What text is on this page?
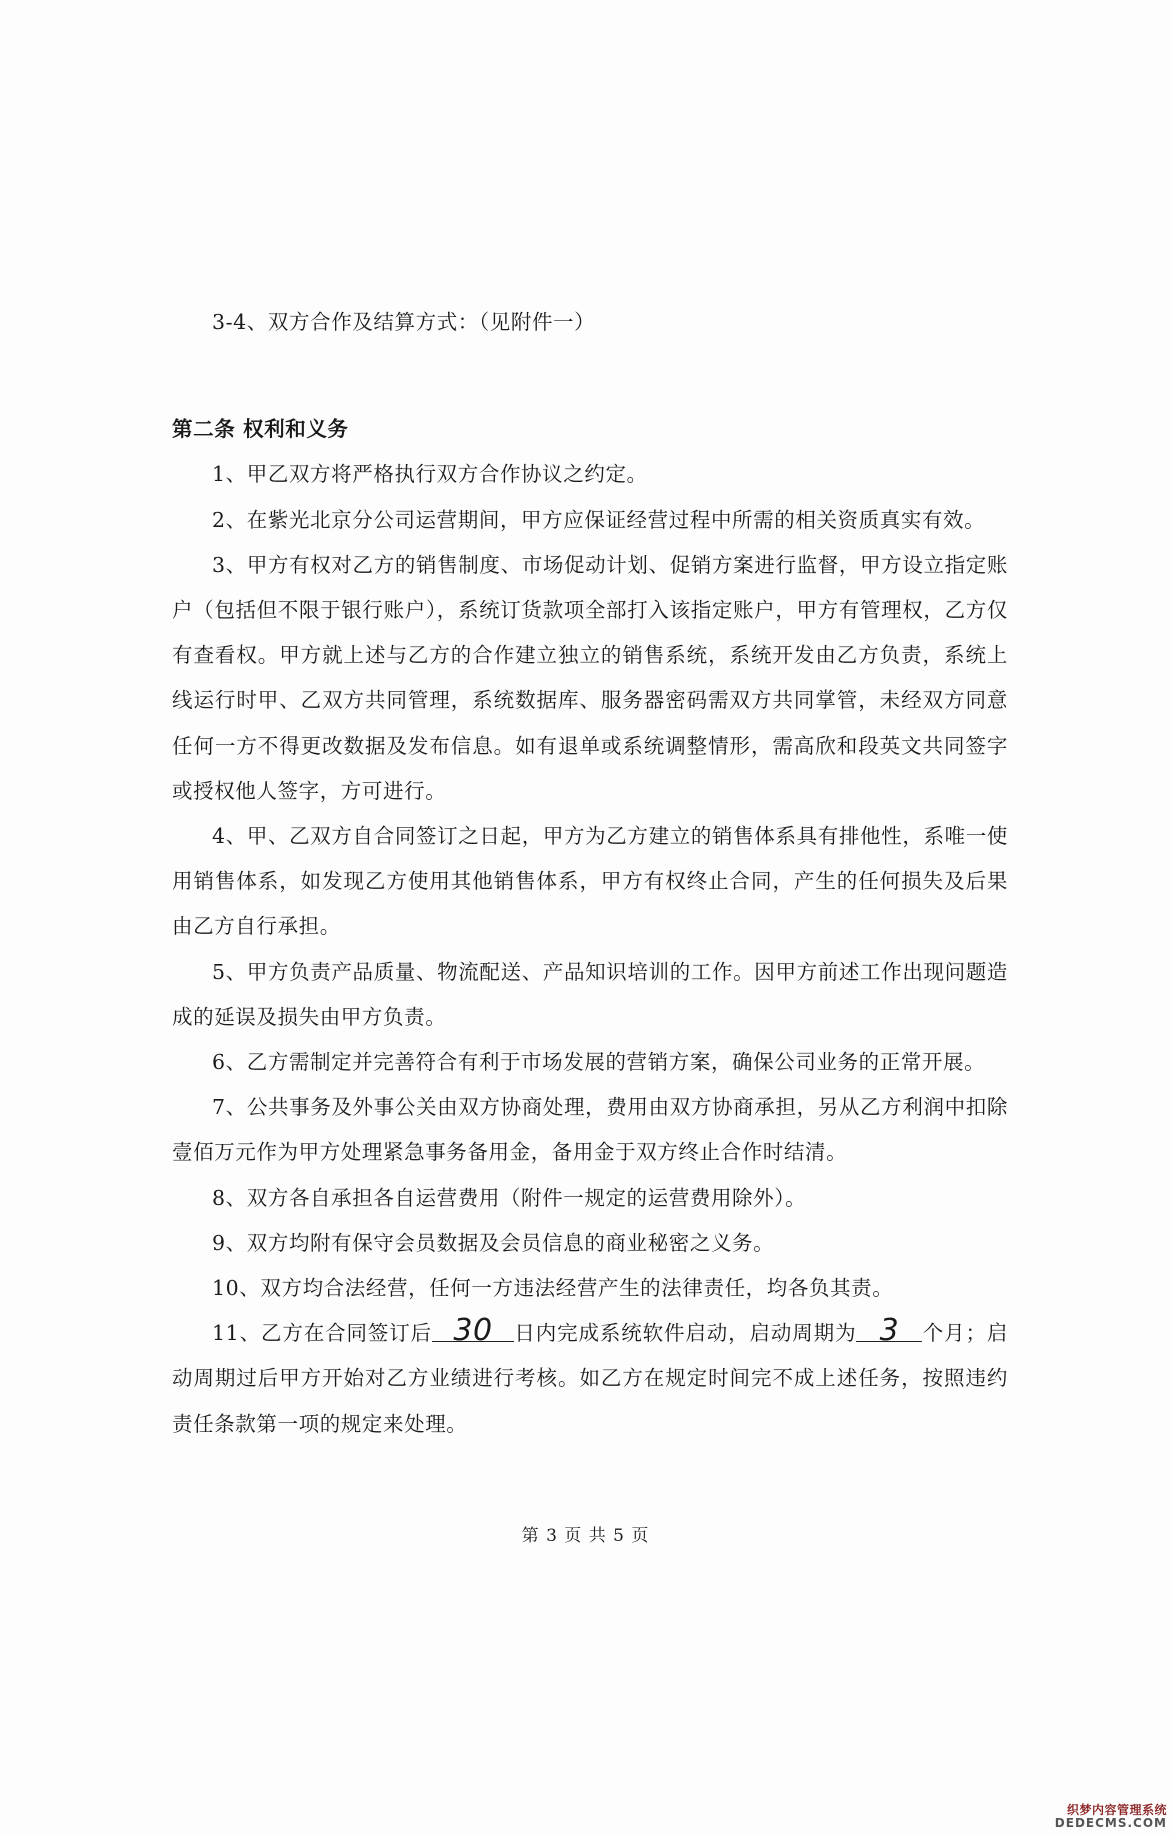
3-4、双方合作及结算方式：（见附件一）

第二条 权利和义务

1、甲乙双方将严格执行双方合作协议之约定。

2、在紫光北京分公司运营期间，甲方应保证经营过程中所需的相关资质真实有效。

3、甲方有权对乙方的销售制度、市场促动计划、促销方案进行监督，甲方设立指定账户（包括但不限于银行账户），系统订货款项全部打入该指定账户，甲方有管理权，乙方仅有查看权。甲方就上述与乙方的合作建立独立的销售系统，系统开发由乙方负责，系统上线运行时甲、乙双方共同管理，系统数据库、服务器密码需双方共同掌管，未经双方同意任何一方不得更改数据及发布信息。如有退单或系统调整情形，需高欣和段英文共同签字或授权他人签字，方可进行。

4、甲、乙双方自合同签订之日起，甲方为乙方建立的销售体系具有排他性，系唯一使用销售体系，如发现乙方使用其他销售体系，甲方有权终止合同，产生的任何损失及后果由乙方自行承担。

5、甲方负责产品质量、物流配送、产品知识培训的工作。因甲方前述工作出现问题造成的延误及损失由甲方负责。

6、乙方需制定并完善符合有利于市场发展的营销方案，确保公司业务的正常开展。

7、公共事务及外事公关由双方协商处理，费用由双方协商承担，另从乙方利润中扣除壹佰万元作为甲方处理紧急事务备用金，备用金于双方终止合作时结清。

8、双方各自承担各自运营费用（附件一规定的运营费用除外）。

9、双方均附有保守会员数据及会员信息的商业秘密之义务。

10、双方均合法经营，任何一方违法经营产生的法律责任，均各负其责。

11、乙方在合同签订后 30 日内完成系统软件启动，启动周期为 3 个月；启动周期过后甲方开始对乙方业绩进行考核。如乙方在规定时间完不成上述任务，按照违约责任条款第一项的规定来处理。

第 3 页 共 5 页
织梦内容管理系统
DEDECMS.COM
